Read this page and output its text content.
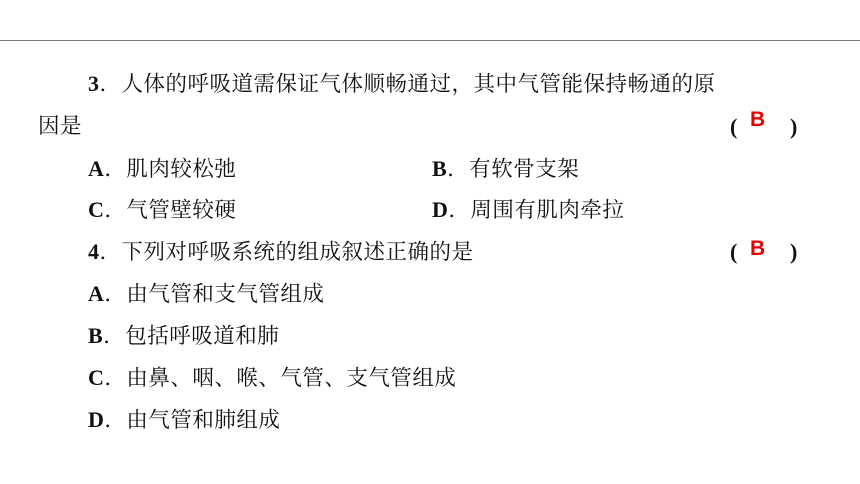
3．人体的呼吸道需保证气体顺畅通过，其中气管能保持畅通的原
因是	( B )
A．肌肉较松弛	B．有软骨支架
C．气管壁较硬	D．周围有肌肉牵拉
4．下列对呼吸系统的组成叙述正确的是	( B )
A．由气管和支气管组成
B．包括呼吸道和肺
C．由鼻、咽、喉、气管、支气管组成
D．由气管和肺组成
